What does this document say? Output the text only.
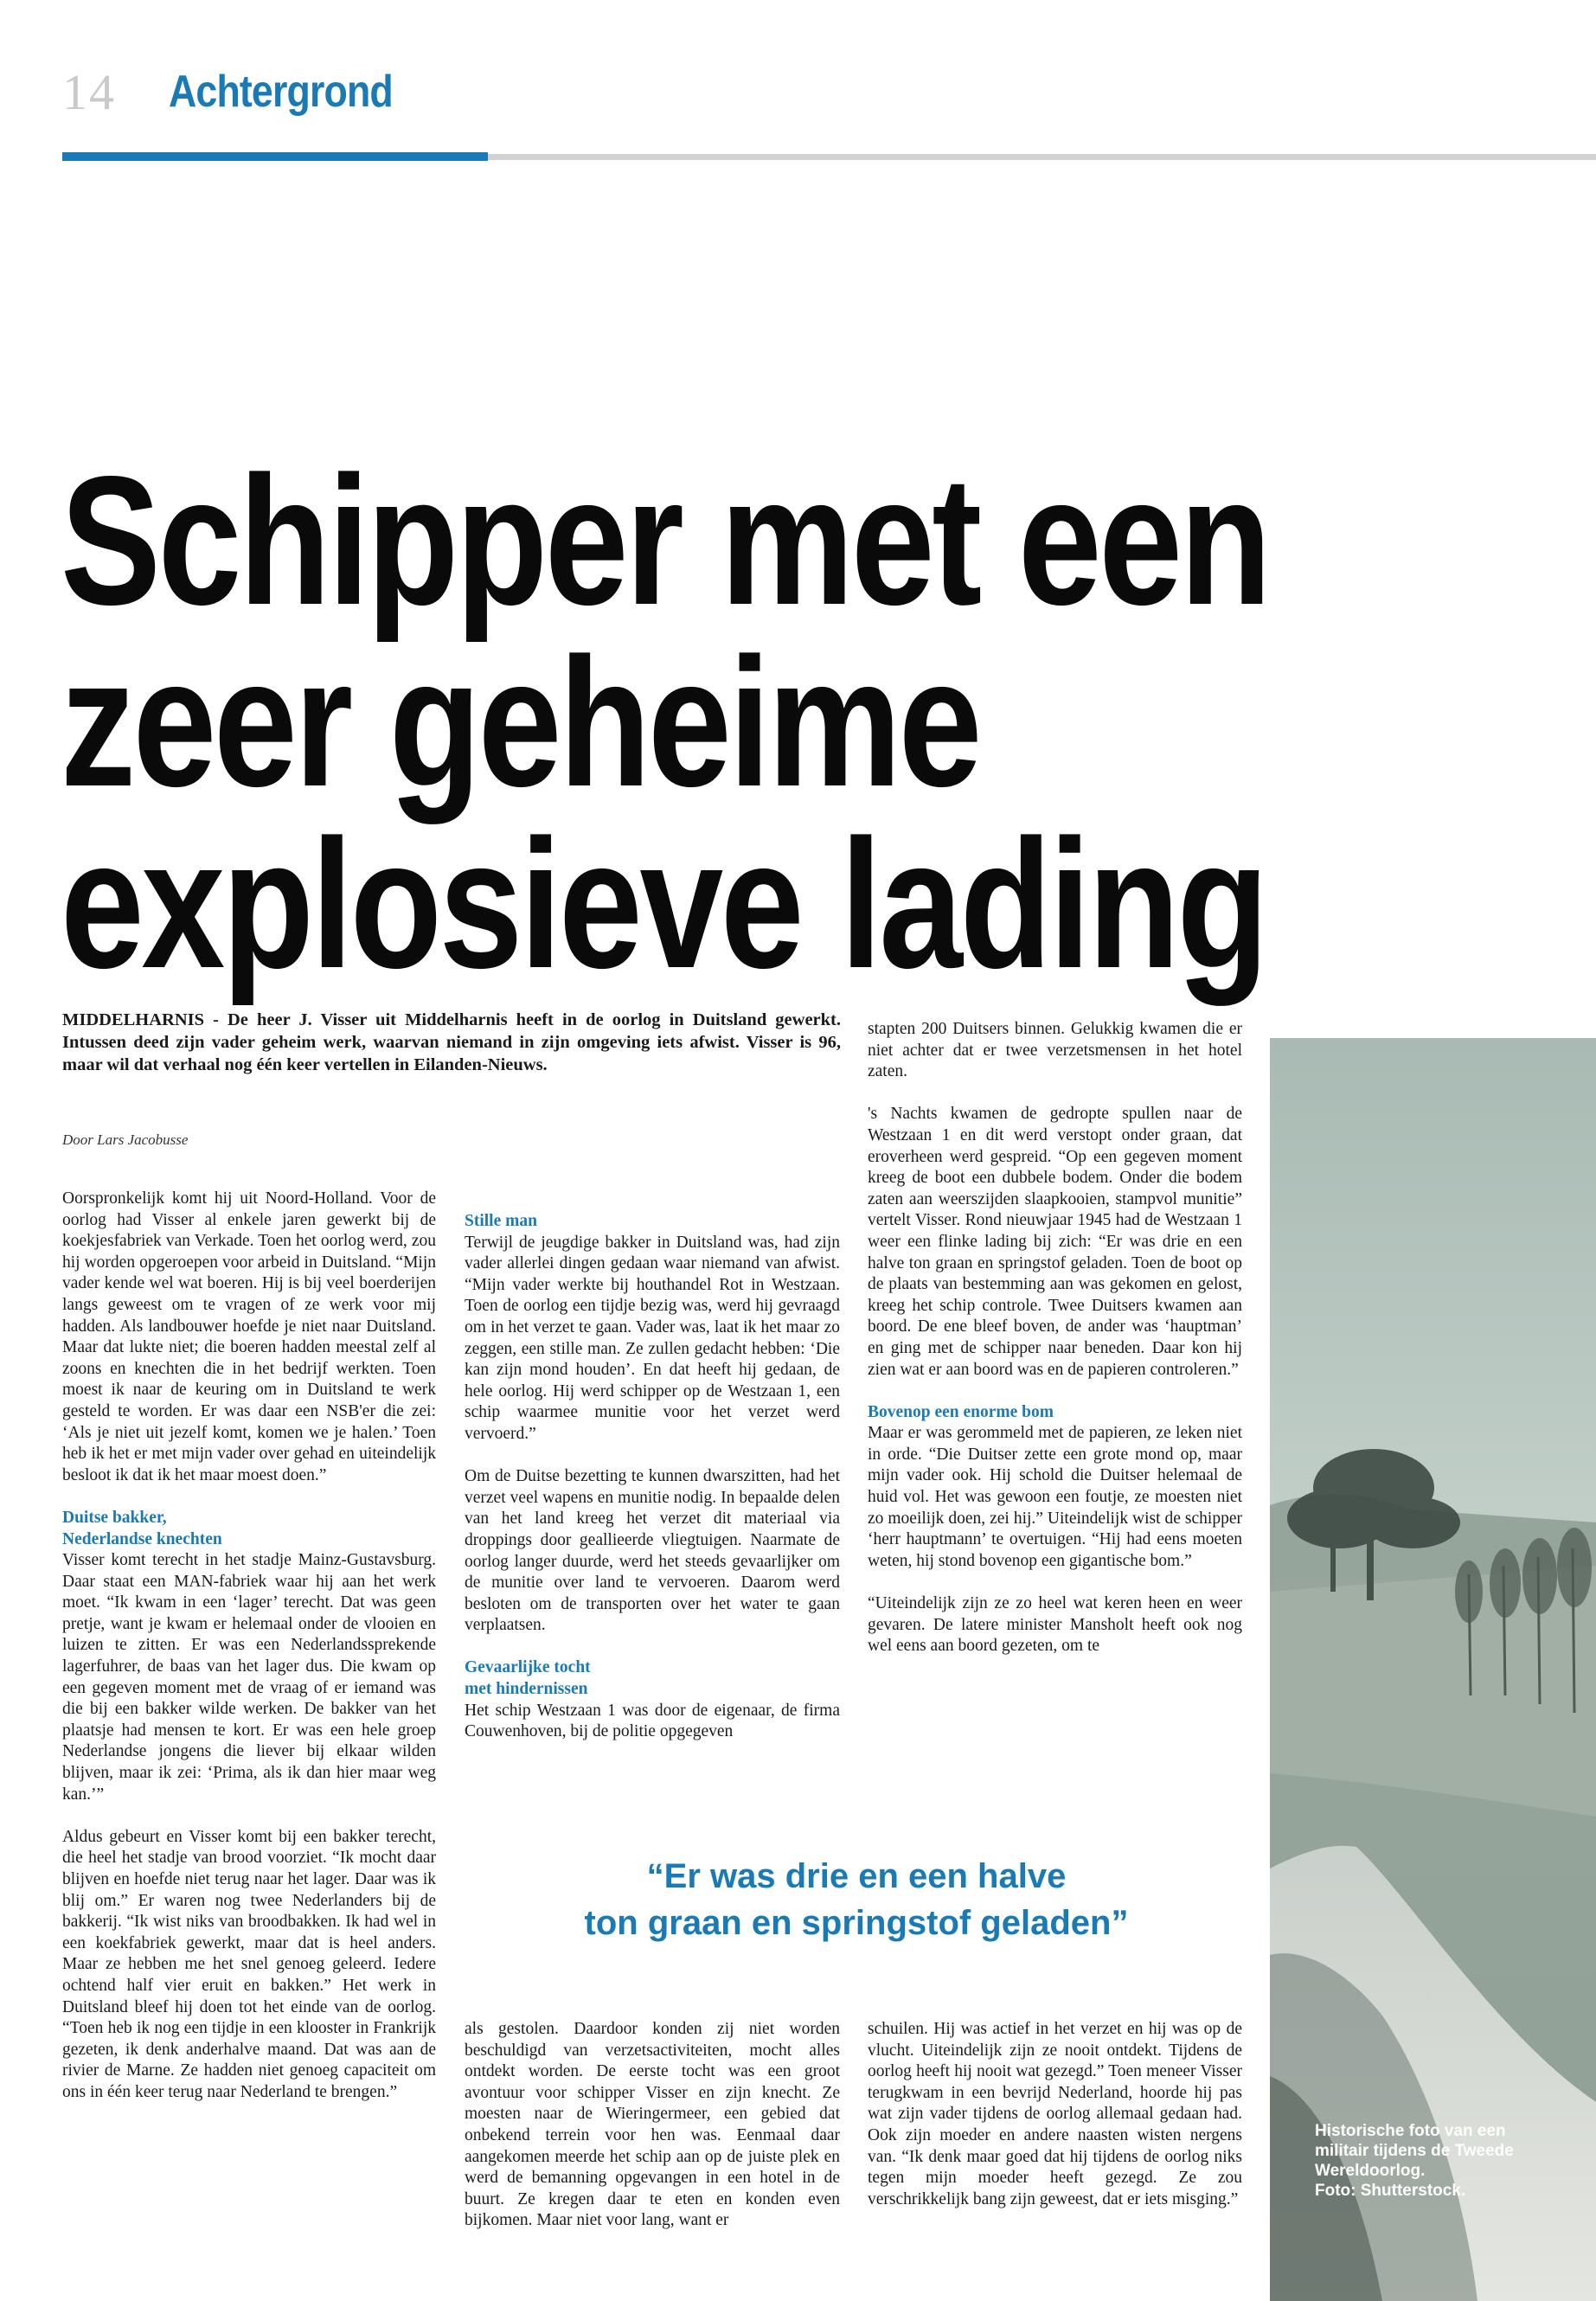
14 Achtergrond
Schipper met een
zeer geheime
explosieve lading

MIDDELHARNIS - De heer J. Visser uit Middelharnis heeft in de oorlog in Duitsland gewerkt. Intussen deed zijn vader geheim werk, waarvan niemand in zijn omgeving iets afwist. Visser is 96, maar wil dat verhaal nog één keer vertellen in Eilanden-Nieuws.

Door Lars Jacobusse

Oorspronkelijk komt hij uit Noord-Holland. Voor de oorlog had Visser al enkele jaren gewerkt bij de koekjesfabriek van Verkade. Toen het oorlog werd, zou hij worden opgeroepen voor arbeid in Duitsland. “Mijn vader kende wel wat boeren. Hij is bij veel boerderijen langs geweest om te vragen of ze werk voor mij hadden. Als landbouwer hoefde je niet naar Duitsland. Maar dat lukte niet; die boeren hadden meestal zelf al zoons en knechten die in het bedrijf werkten. Toen moest ik naar de keuring om in Duitsland te werk gesteld te worden. Er was daar een NSB'er die zei: ‘Als je niet uit jezelf komt, komen we je halen.’ Toen heb ik het er met mijn vader over gehad en uiteindelijk besloot ik dat ik het maar moest doen.”

Duitse bakker,
Nederlandse knechten

Visser komt terecht in het stadje Mainz-Gustavsburg. Daar staat een MAN-fabriek waar hij aan het werk moet. “Ik kwam in een ‘lager’ terecht. Dat was geen pretje, want je kwam er helemaal onder de vlooien en luizen te zitten. Er was een Nederlandssprekende lagerfuhrer, de baas van het lager dus. Die kwam op een gegeven moment met de vraag of er iemand was die bij een bakker wilde werken. De bakker van het plaatsje had mensen te kort. Er was een hele groep Nederlandse jongens die liever bij elkaar wilden blijven, maar ik zei: ‘Prima, als ik dan hier maar weg kan.’”

Aldus gebeurt en Visser komt bij een bakker terecht, die heel het stadje van brood voorziet. “Ik mocht daar blijven en hoefde niet terug naar het lager. Daar was ik blij om.” Er waren nog twee Nederlanders bij de bakkerij. “Ik wist niks van broodbakken. Ik had wel in een koekfabriek gewerkt, maar dat is heel anders. Maar ze hebben me het snel genoeg geleerd. Iedere ochtend half vier eruit en bakken.” Het werk in Duitsland bleef hij doen tot het einde van de oorlog. “Toen heb ik nog een tijdje in een klooster in Frankrijk gezeten, ik denk anderhalve maand. Dat was aan de rivier de Marne. Ze hadden niet genoeg capaciteit om ons in één keer terug naar Nederland te brengen.”

Stille man

Terwijl de jeugdige bakker in Duitsland was, had zijn vader allerlei dingen gedaan waar niemand van afwist. “Mijn vader werkte bij houthandel Rot in Westzaan. Toen de oorlog een tijdje bezig was, werd hij gevraagd om in het verzet te gaan. Vader was, laat ik het maar zo zeggen, een stille man. Ze zullen gedacht hebben: ‘Die kan zijn mond houden’. En dat heeft hij gedaan, de hele oorlog. Hij werd schipper op de Westzaan 1, een schip waarmee munitie voor het verzet werd vervoerd.”

Om de Duitse bezetting te kunnen dwarszitten, had het verzet veel wapens en munitie nodig. In bepaalde delen van het land kreeg het verzet dit materiaal via droppings door geallieerde vliegtuigen. Naarmate de oorlog langer duurde, werd het steeds gevaarlijker om de munitie over land te vervoeren. Daarom werd besloten om de transporten over het water te gaan verplaatsen.

Gevaarlijke tocht
met hindernissen

Het schip Westzaan 1 was door de eigenaar, de firma Couwenhoven, bij de politie opgegeven

stapten 200 Duitsers binnen. Gelukkig kwamen die er niet achter dat er twee verzetsmensen in het hotel zaten.

's Nachts kwamen de gedropte spullen naar de Westzaan 1 en dit werd verstopt onder graan, dat eroverheen werd gespreid. “Op een gegeven moment kreeg de boot een dubbele bodem. Onder die bodem zaten aan weerszijden slaapkooien, stampvol munitie” vertelt Visser. Rond nieuwjaar 1945 had de Westzaan 1 weer een flinke lading bij zich: “Er was drie en een halve ton graan en springstof geladen. Toen de boot op de plaats van bestemming aan was gekomen en gelost, kreeg het schip controle. Twee Duitsers kwamen aan boord. De ene bleef boven, de ander was ‘hauptman’ en ging met de schipper naar beneden. Daar kon hij zien wat er aan boord was en de papieren controleren.”

Bovenop een enorme bom

Maar er was gerommeld met de papieren, ze leken niet in orde. “Die Duitser zette een grote mond op, maar mijn vader ook. Hij schold die Duitser helemaal de huid vol. Het was gewoon een foutje, ze moesten niet zo moeilijk doen, zei hij.” Uiteindelijk wist de schipper ‘herr hauptmann’ te overtuigen. “Hij had eens moeten weten, hij stond bovenop een gigantische bom.”

“Uiteindelijk zijn ze zo heel wat keren heen en weer gevaren. De latere minister Mansholt heeft ook nog wel eens aan boord gezeten, om te

“Er was drie en een halve
ton graan en springstof geladen”

als gestolen. Daardoor konden zij niet worden beschuldigd van verzetsactiviteiten, mocht alles ontdekt worden. De eerste tocht was een groot avontuur voor schipper Visser en zijn knecht. Ze moesten naar de Wieringermeer, een gebied dat onbekend terrein voor hen was. Eenmaal daar aangekomen meerde het schip aan op de juiste plek en werd de bemanning opgevangen in een hotel in de buurt. Ze kregen daar te eten en konden even bijkomen. Maar niet voor lang, want er

schuilen. Hij was actief in het verzet en hij was op de vlucht. Uiteindelijk zijn ze nooit ontdekt. Tijdens de oorlog heeft hij nooit wat gezegd.” Toen meneer Visser terugkwam in een bevrijd Nederland, hoorde hij pas wat zijn vader tijdens de oorlog allemaal gedaan had. Ook zijn moeder en andere naasten wisten nergens van. “Ik denk maar goed dat hij tijdens de oorlog niks tegen mijn moeder heeft gezegd. Ze zou verschrikkelijk bang zijn geweest, dat er iets misging.”

Historische foto van een
militair tijdens de Tweede
Wereldoorlog.
Foto: Shutterstock.
